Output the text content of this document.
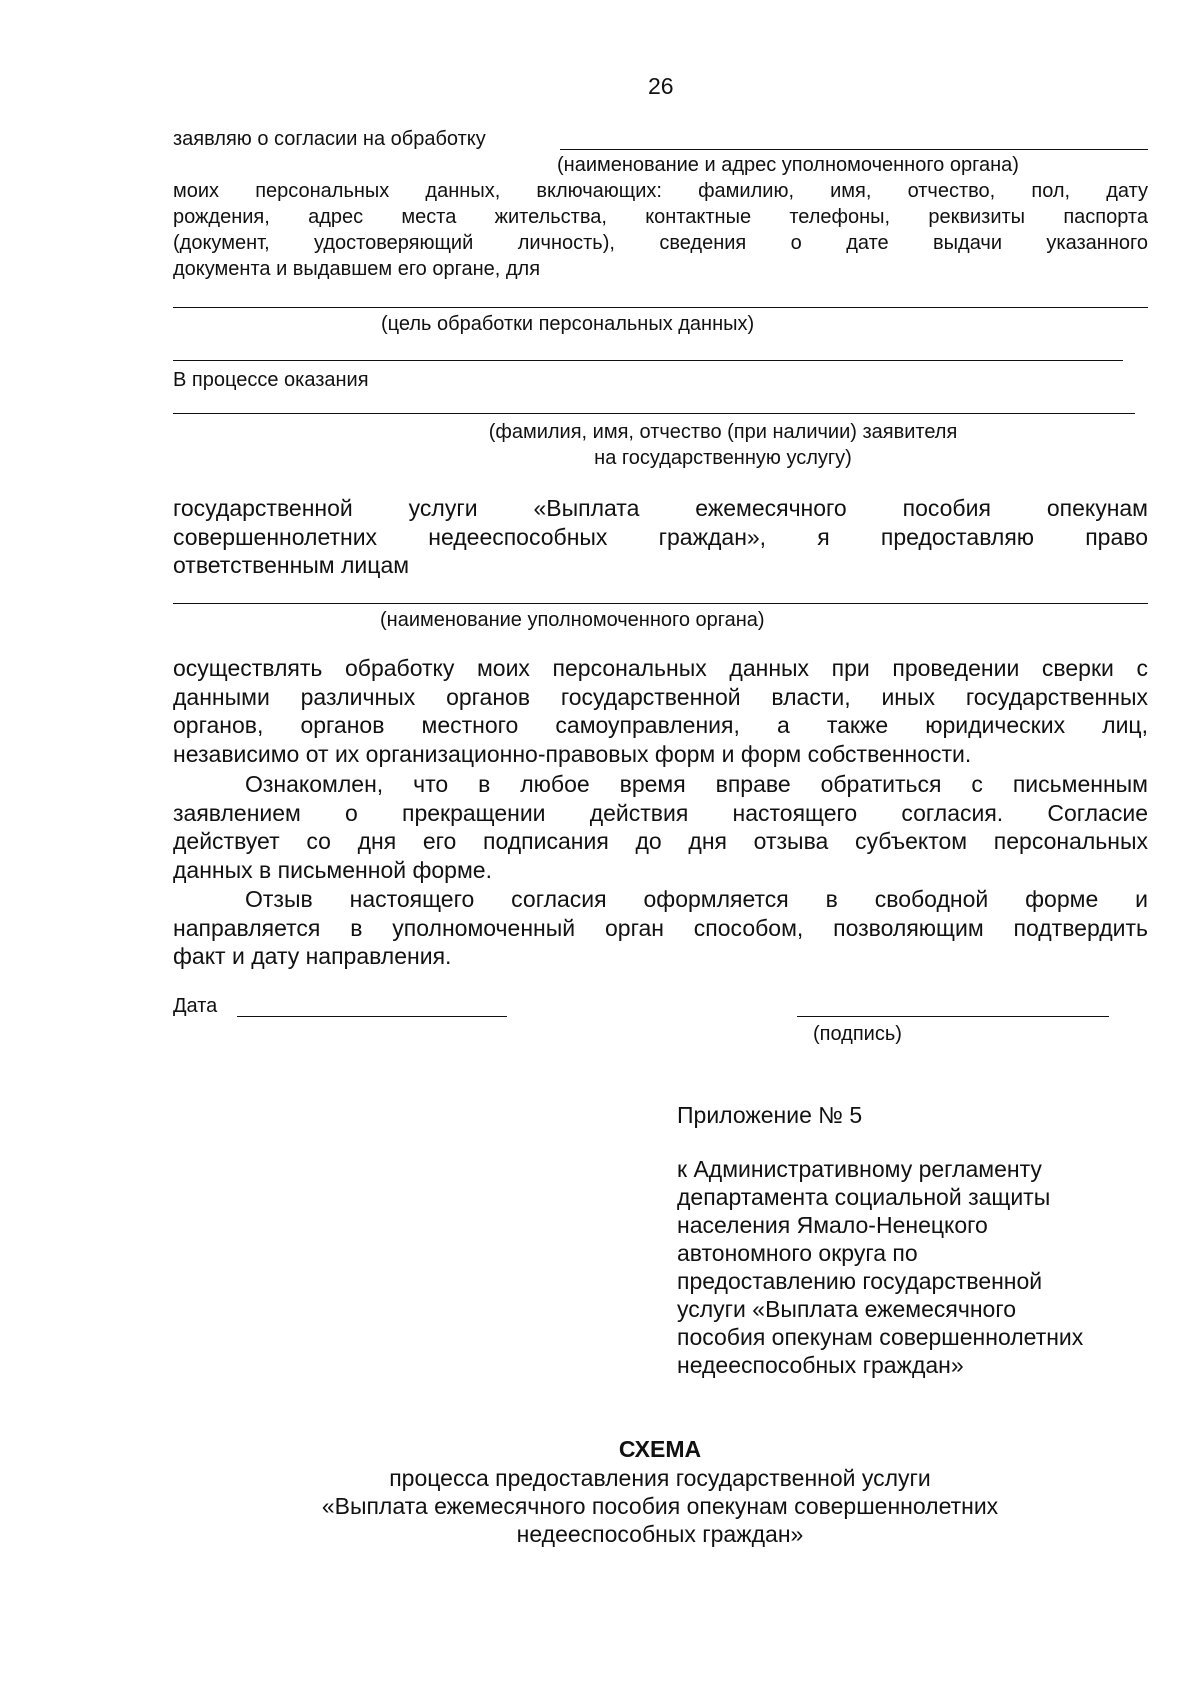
26
заявляю о согласии на обработку
(наименование и адрес уполномоченного органа)
моих персональных данных, включающих: фамилию, имя, отчество, пол, дату
рождения, адрес места жительства, контактные телефоны, реквизиты паспорта
(документ, удостоверяющий личность), сведения о дате выдачи указанного
документа и выдавшем его органе, для
(цель обработки персональных данных)
В процессе оказания
(фамилия, имя, отчество (при наличии) заявителя
на государственную услугу)
государственной услуги «Выплата ежемесячного пособия опекунам
совершеннолетних недееспособных граждан», я предоставляю право
ответственным лицам
(наименование уполномоченного органа)
осуществлять обработку моих персональных данных при проведении сверки с
данными различных органов государственной власти, иных государственных
органов, органов местного самоуправления, а также юридических лиц,
независимо от их организационно-правовых форм и форм собственности.
Ознакомлен, что в любое время вправе обратиться с письменным
заявлением о прекращении действия настоящего согласия. Согласие
действует со дня его подписания до дня отзыва субъектом персональных
данных в письменной форме.
Отзыв настоящего согласия оформляется в свободной форме и
направляется в уполномоченный орган способом, позволяющим подтвердить
факт и дату направления.
Дата
(подпись)
Приложение № 5
к Административному регламенту
департамента социальной защиты
населения Ямало-Ненецкого
автономного округа по
предоставлению государственной
услуги «Выплата ежемесячного
пособия опекунам совершеннолетних
недееспособных граждан»
СХЕМА
процесса предоставления государственной услуги
«Выплата ежемесячного пособия опекунам совершеннолетних
недееспособных граждан»
